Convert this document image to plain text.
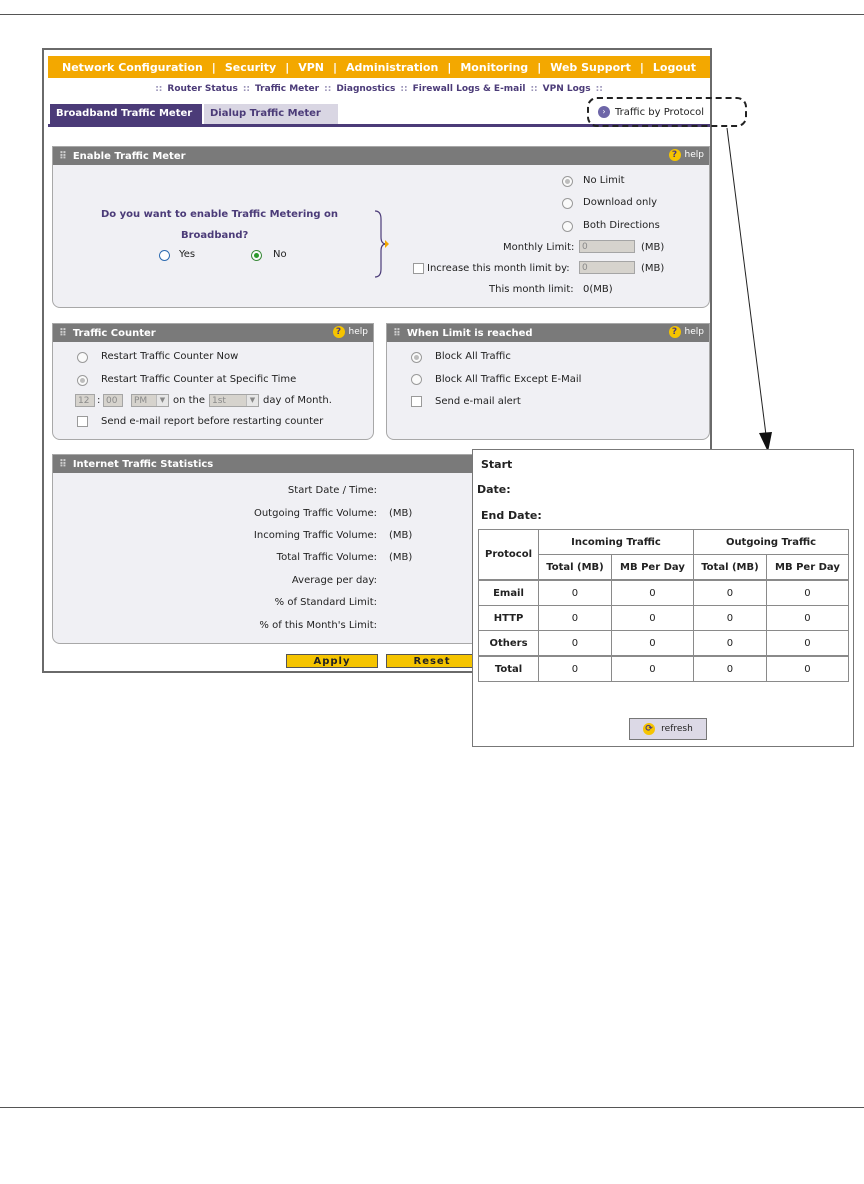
Network Configuration | Security | VPN | Administration | Monitoring | Web Support | Logout
:: Router Status :: Traffic Meter :: Diagnostics :: Firewall Logs & E-mail :: VPN Logs ::
Broadband Traffic Meter	Dialup Traffic Meter	› Traffic by Protocol
⠿ Enable Traffic Meter	? help
Do you want to enable Traffic Metering on
Broadband?
Yes	No
No Limit
Download only
Both Directions
Monthly Limit: 0	(MB)
Increase this month limit by:	0	(MB)
This month limit: 0(MB)
⠿ Traffic Counter	? help
Restart Traffic Counter Now
Restart Traffic Counter at Specific Time
12 : 00	PM	▼ on the 1st	▼ day of Month.
Send e-mail report before restarting counter
⠿ When Limit is reached	? help
Block All Traffic
Block All Traffic Except E-Mail
Send e-mail alert
⠿ Internet Traffic Statistics
Start Date / Time:
Outgoing Traffic Volume: (MB)
Incoming Traffic Volume: (MB)
Total Traffic Volume: (MB)
Average per day:
% of Standard Limit:
% of this Month's Limit:
Apply	Reset
Start
Date:
End Date:
Protocol	Incoming Traffic		Outgoing Traffic	
	Total (MB)	MB Per Day	Total (MB)	MB Per Day
Email	0	0	0	0
HTTP	0	0	0	0
Others	0	0	0	0
Total	0	0	0	0
⟳ refresh
